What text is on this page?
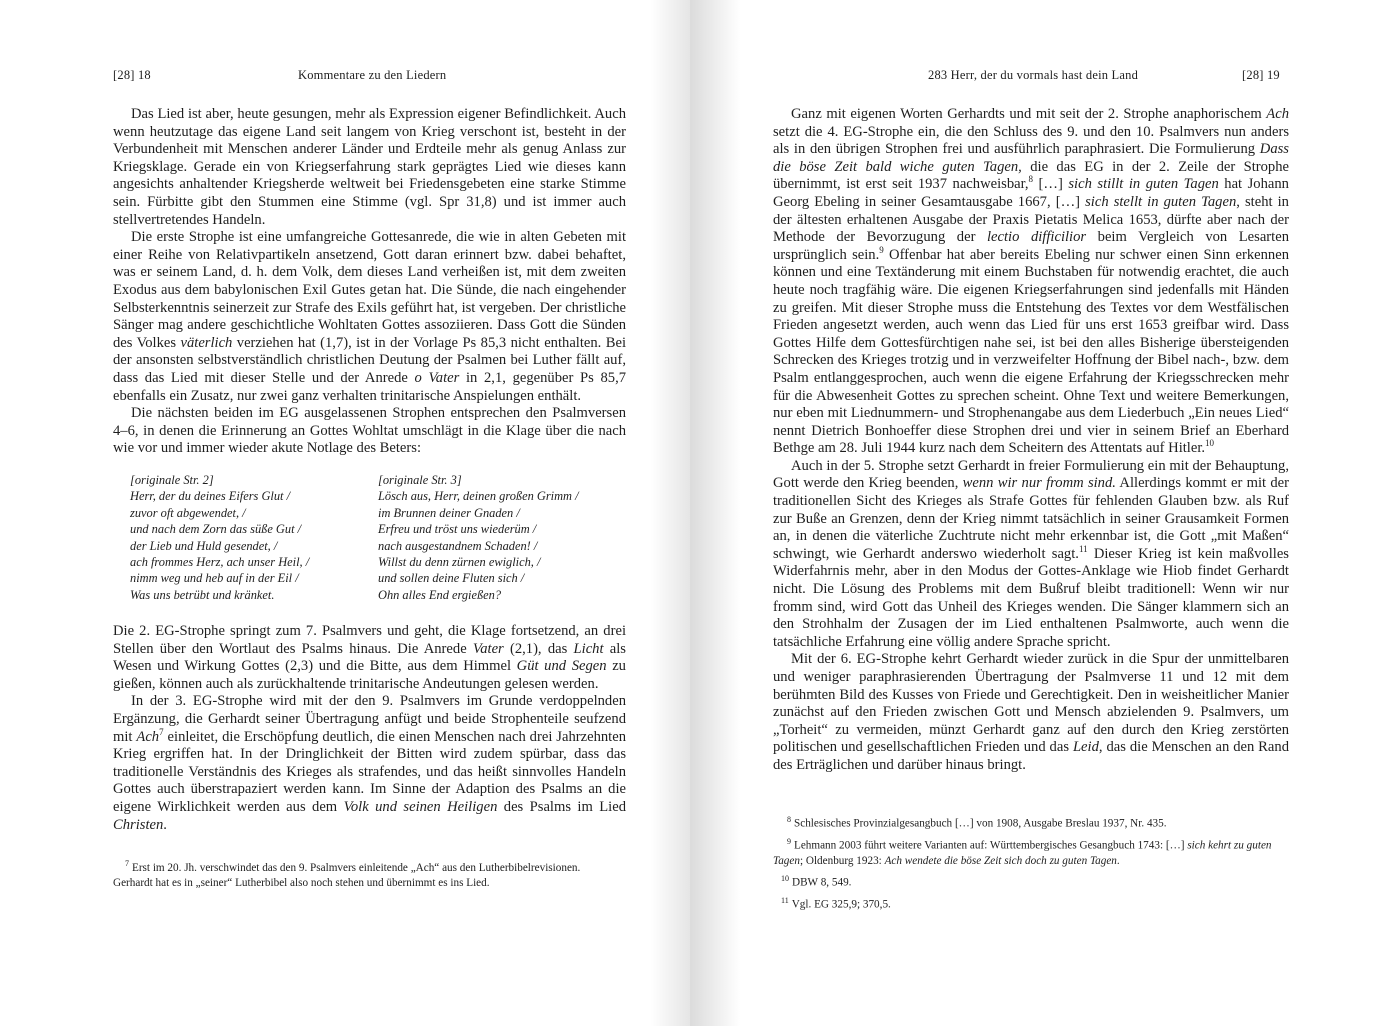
[28] 18	Kommentare zu den Liedern

Das Lied ist aber, heute gesungen, mehr als Expression eigener Befindlichkeit. Auch wenn heutzutage das eigene Land seit langem von Krieg verschont ist, besteht in der Verbundenheit mit Menschen anderer Länder und Erdteile mehr als genug Anlass zur Kriegsklage. Gerade ein von Kriegserfahrung stark geprägtes Lied wie dieses kann angesichts anhaltender Kriegsherde weltweit bei Friedensgebeten eine starke Stimme sein. Fürbitte gibt den Stummen eine Stimme (vgl. Spr 31,8) und ist immer auch stellvertretendes Handeln.

Die erste Strophe ist eine umfangreiche Gottesanrede, die wie in alten Gebeten mit einer Reihe von Relativpartikeln ansetzend, Gott daran erinnert bzw. dabei behaftet, was er seinem Land, d. h. dem Volk, dem dieses Land verheißen ist, mit dem zweiten Exodus aus dem babylonischen Exil Gutes getan hat. Die Sünde, die nach eingehender Selbsterkenntnis seinerzeit zur Strafe des Exils geführt hat, ist vergeben. Der christliche Sänger mag andere geschichtliche Wohltaten Gottes assoziieren. Dass Gott die Sünden des Volkes väterlich verziehen hat (1,7), ist in der Vorlage Ps 85,3 nicht enthalten. Bei der ansonsten selbstverständlich christlichen Deutung der Psalmen bei Luther fällt auf, dass das Lied mit dieser Stelle und der Anrede o Vater in 2,1, gegenüber Ps 85,7 ebenfalls ein Zusatz, nur zwei ganz verhalten trinitarische Anspielungen enthält.

Die nächsten beiden im EG ausgelassenen Strophen entsprechen den Psalmversen 4–6, in denen die Erinnerung an Gottes Wohltat umschlägt in die Klage über die nach wie vor und immer wieder akute Notlage des Beters:

[originale Str. 2]
Herr, der du deines Eifers Glut /
zuvor oft abgewendet, /
und nach dem Zorn das süße Gut /
der Lieb und Huld gesendet, /
ach frommes Herz, ach unser Heil, /
nimm weg und heb auf in der Eil /
Was uns betrübt und kränket.
[originale Str. 3]
Lösch aus, Herr, deinen großen Grimm /
im Brunnen deiner Gnaden /
Erfreu und tröst uns wiederüm /
nach ausgestandnem Schaden! /
Willst du denn zürnen ewiglich, /
und sollen deine Fluten sich /
Ohn alles End ergießen?

Die 2. EG-Strophe springt zum 7. Psalmvers und geht, die Klage fortsetzend, an drei Stellen über den Wortlaut des Psalms hinaus. Die Anrede Vater (2,1), das Licht als Wesen und Wirkung Gottes (2,3) und die Bitte, aus dem Himmel Güt und Segen zu gießen, können auch als zurückhaltende trinitarische Andeutungen gelesen werden.

In der 3. EG-Strophe wird mit der den 9. Psalmvers im Grunde verdoppelnden Ergänzung, die Gerhardt seiner Übertragung anfügt und beide Strophenteile seufzend mit Ach$^7$ einleitet, die Erschöpfung deutlich, die einen Menschen nach drei Jahrzehnten Krieg ergriffen hat. In der Dringlichkeit der Bitten wird zudem spürbar, dass das traditionelle Verständnis des Krieges als strafendes, und das heißt sinnvolles Handeln Gottes auch überstrapaziert werden kann. Im Sinne der Adaption des Psalms an die eigene Wirklichkeit werden aus dem Volk und seinen Heiligen des Psalms im Lied Christen.

$^7$ Erst im 20. Jh. verschwindet das den 9. Psalmvers einleitende „Ach“ aus den Lutherbibelrevisionen.
Gerhardt hat es in „seiner“ Lutherbibel also noch stehen und übernimmt es ins Lied.
283 Herr, der du vormals hast dein Land	[28] 19

Ganz mit eigenen Worten Gerhardts und mit seit der 2. Strophe anaphorischem Ach setzt die 4. EG-Strophe ein, die den Schluss des 9. und den 10. Psalmvers nun anders als in den übrigen Strophen frei und ausführlich paraphrasiert. Die Formulierung Dass die böse Zeit bald wiche guten Tagen, die das EG in der 2. Zeile der Strophe übernimmt, ist erst seit 1937 nachweisbar,$^8$ […] sich stillt in guten Tagen hat Johann Georg Ebeling in seiner Gesamtausgabe 1667, […] sich stellt in guten Tagen, steht in der ältesten erhaltenen Ausgabe der Praxis Pietatis Melica 1653, dürfte aber nach der Methode der Bevorzugung der lectio difficilior beim Vergleich von Lesarten ursprünglich sein.$^9$ Offenbar hat aber bereits Ebeling nur schwer einen Sinn erkennen können und eine Textänderung mit einem Buchstaben für notwendig erachtet, die auch heute noch tragfähig wäre. Die eigenen Kriegserfahrungen sind jedenfalls mit Händen zu greifen. Mit dieser Strophe muss die Entstehung des Textes vor dem Westfälischen Frieden angesetzt werden, auch wenn das Lied für uns erst 1653 greifbar wird. Dass Gottes Hilfe dem Gottesfürchtigen nahe sei, ist bei den alles Bisherige übersteigenden Schrecken des Krieges trotzig und in verzweifelter Hoffnung der Bibel nach-, bzw. dem Psalm entlanggesprochen, auch wenn die eigene Erfahrung der Kriegsschrecken mehr für die Abwesenheit Gottes zu sprechen scheint. Ohne Text und weitere Bemerkungen, nur eben mit Liednummern- und Strophenangabe aus dem Liederbuch „Ein neues Lied“ nennt Dietrich Bonhoeffer diese Strophen drei und vier in seinem Brief an Eberhard Bethge am 28. Juli 1944 kurz nach dem Scheitern des Attentats auf Hitler.$^{10}$

Auch in der 5. Strophe setzt Gerhardt in freier Formulierung ein mit der Behauptung, Gott werde den Krieg beenden, wenn wir nur fromm sind. Allerdings kommt er mit der traditionellen Sicht des Krieges als Strafe Gottes für fehlenden Glauben bzw. als Ruf zur Buße an Grenzen, denn der Krieg nimmt tatsächlich in seiner Grausamkeit Formen an, in denen die väterliche Zuchtrute nicht mehr erkennbar ist, die Gott „mit Maßen“ schwingt, wie Gerhardt anderswo wiederholt sagt.$^{11}$ Dieser Krieg ist kein maßvolles Widerfahrnis mehr, aber in den Modus der Gottes-Anklage wie Hiob findet Gerhardt nicht. Die Lösung des Problems mit dem Bußruf bleibt traditionell: Wenn wir nur fromm sind, wird Gott das Unheil des Krieges wenden. Die Sänger klammern sich an den Strohhalm der Zusagen der im Lied enthaltenen Psalmworte, auch wenn die tatsächliche Erfahrung eine völlig andere Sprache spricht.

Mit der 6. EG-Strophe kehrt Gerhardt wieder zurück in die Spur der unmittelbaren und weniger paraphrasierenden Übertragung der Psalmverse 11 und 12 mit dem berühmten Bild des Kusses von Friede und Gerechtigkeit. Den in weisheitlicher Manier zunächst auf den Frieden zwischen Gott und Mensch abzielenden 9. Psalmvers, um „Torheit“ zu vermeiden, münzt Gerhardt ganz auf den durch den Krieg zerstörten politischen und gesellschaftlichen Frieden und das Leid, das die Menschen an den Rand des Erträglichen und darüber hinaus bringt.

$^8$ Schlesisches Provinzialgesangbuch […] von 1908, Ausgabe Breslau 1937, Nr. 435.
$^9$ Lehmann 2003 führt weitere Varianten auf: Württembergisches Gesangbuch 1743: […] sich kehrt zu guten Tagen; Oldenburg 1923: Ach wendete die böse Zeit sich doch zu guten Tagen.
$^{10}$ DBW 8, 549.
$^{11}$ Vgl. EG 325,9; 370,5.
